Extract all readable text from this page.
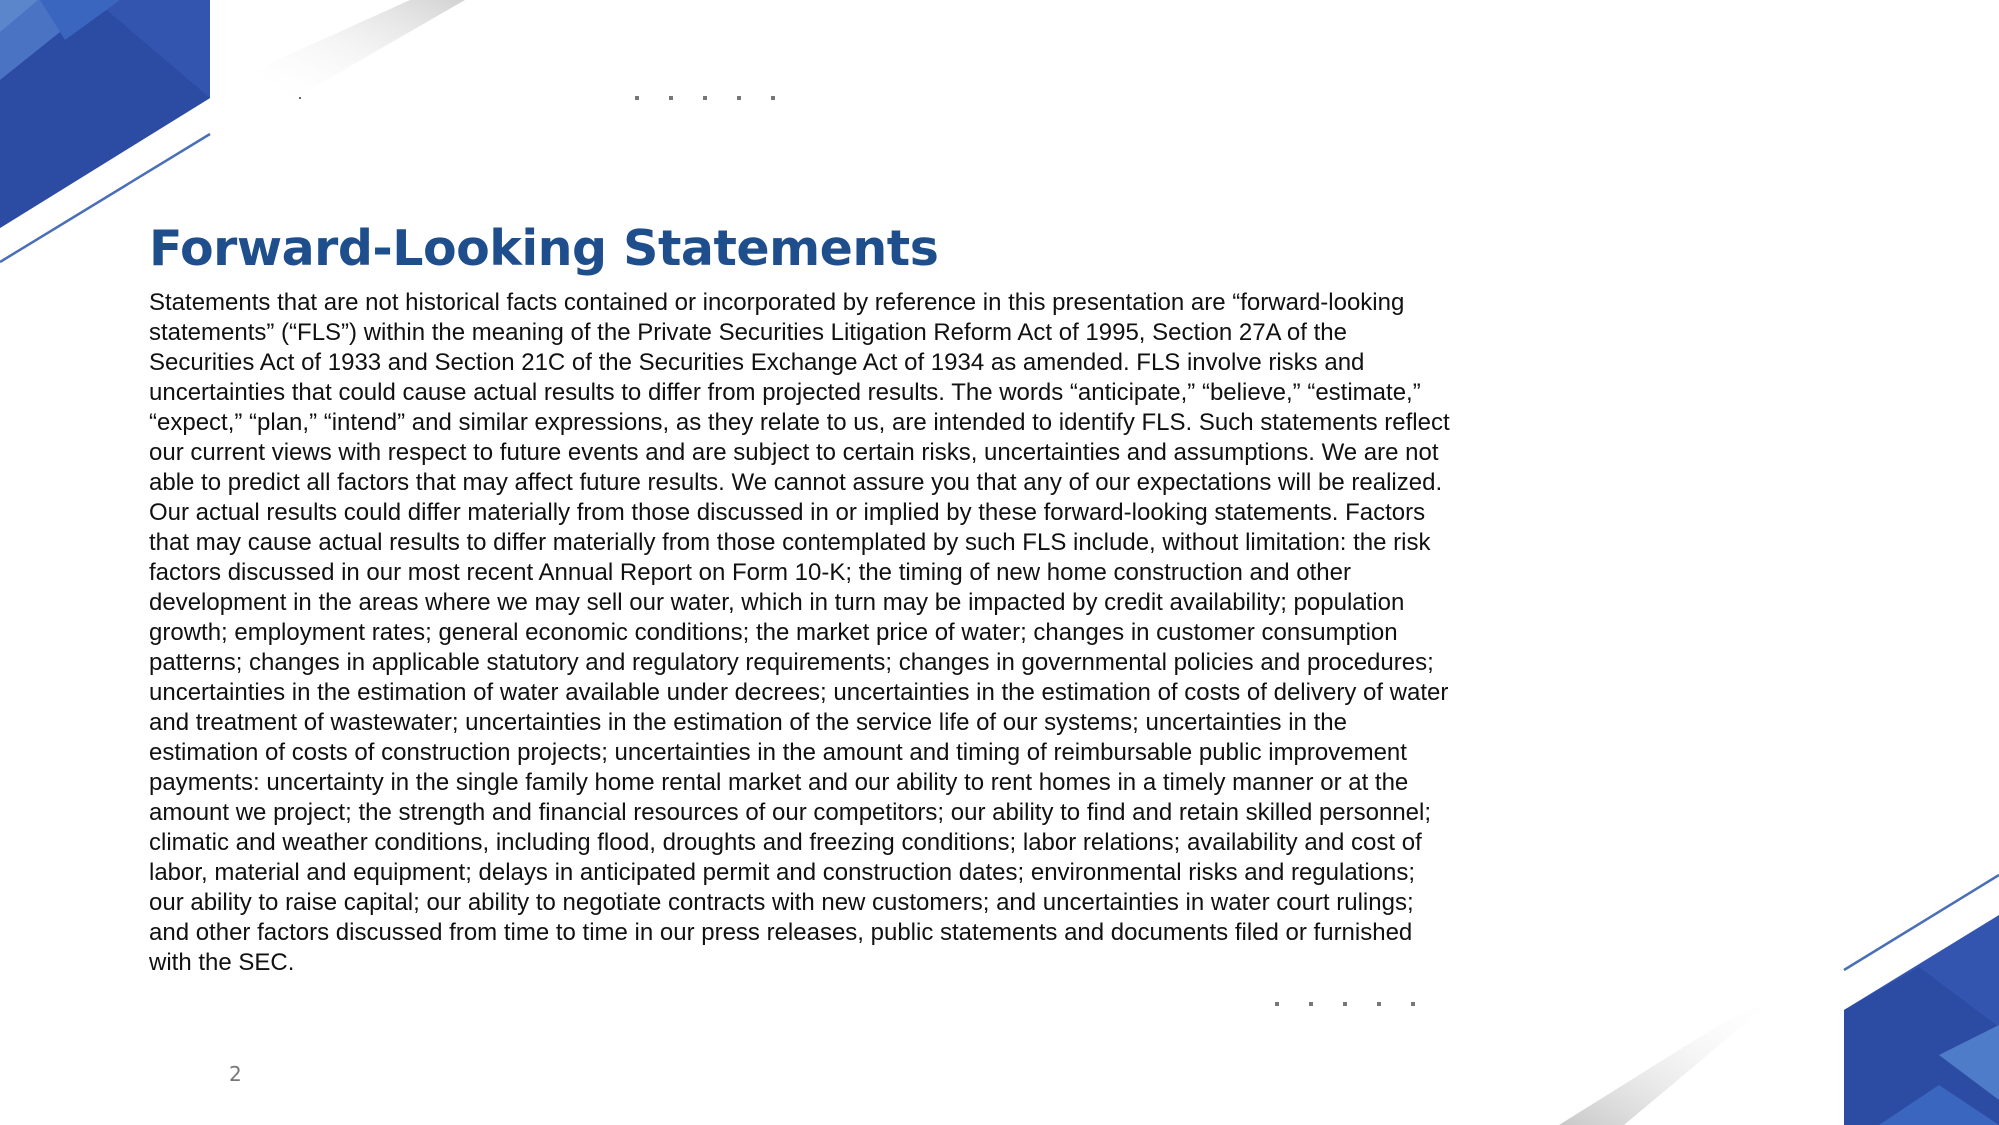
Forward-Looking Statements
Statements that are not historical facts contained or incorporated by reference in this presentation are “forward-looking
statements” (“FLS”) within the meaning of the Private Securities Litigation Reform Act of 1995, Section 27A of the
Securities Act of 1933 and Section 21C of the Securities Exchange Act of 1934 as amended. FLS involve risks and
uncertainties that could cause actual results to differ from projected results. The words “anticipate,” “believe,” “estimate,”
“expect,” “plan,” “intend” and similar expressions, as they relate to us, are intended to identify FLS. Such statements reflect
our current views with respect to future events and are subject to certain risks, uncertainties and assumptions. We are not
able to predict all factors that may affect future results. We cannot assure you that any of our expectations will be realized.
Our actual results could differ materially from those discussed in or implied by these forward-looking statements. Factors
that may cause actual results to differ materially from those contemplated by such FLS include, without limitation: the risk
factors discussed in our most recent Annual Report on Form 10-K; the timing of new home construction and other
development in the areas where we may sell our water, which in turn may be impacted by credit availability; population
growth; employment rates; general economic conditions; the market price of water; changes in customer consumption
patterns; changes in applicable statutory and regulatory requirements; changes in governmental policies and procedures;
uncertainties in the estimation of water available under decrees; uncertainties in the estimation of costs of delivery of water
and treatment of wastewater; uncertainties in the estimation of the service life of our systems; uncertainties in the
estimation of costs of construction projects; uncertainties in the amount and timing of reimbursable public improvement
payments: uncertainty in the single family home rental market and our ability to rent homes in a timely manner or at the
amount we project; the strength and financial resources of our competitors; our ability to find and retain skilled personnel;
climatic and weather conditions, including flood, droughts and freezing conditions; labor relations; availability and cost of
labor, material and equipment; delays in anticipated permit and construction dates; environmental risks and regulations;
our ability to raise capital; our ability to negotiate contracts with new customers; and uncertainties in water court rulings;
and other factors discussed from time to time in our press releases, public statements and documents filed or furnished
with the SEC.
2
